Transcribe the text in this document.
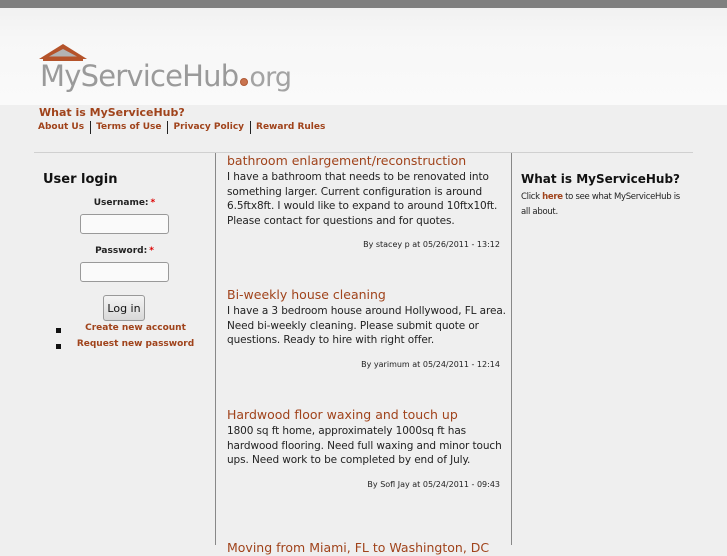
MyServiceHub org
What is MyServiceHub?
About Us	Terms of Use	Privacy Policy	Reward Rules
User login
Username: *
Password: *
Log in
Create new account
Request new password
bathroom enlargement/reconstruction

I have a bathroom that needs to be renovated into something larger. Current configuration is around 6.5ftx8ft. I would like to expand to around 10ftx10ft. Please contact for questions and for quotes.

By stacey p at 05/26/2011 - 13:12
Bi-weekly house cleaning

I have a 3 bedroom house around Hollywood, FL area. Need bi-weekly cleaning. Please submit quote or questions. Ready to hire with right offer.

By yarimum at 05/24/2011 - 12:14
Hardwood floor waxing and touch up

1800 sq ft home, approximately 1000sq ft has hardwood flooring. Need full waxing and minor touch ups. Need work to be completed by end of July.

By Sofl Jay at 05/24/2011 - 09:43
Moving from Miami, FL to Washington, DC
What is MyServiceHub?

Click here to see what MyServiceHub is all about.
